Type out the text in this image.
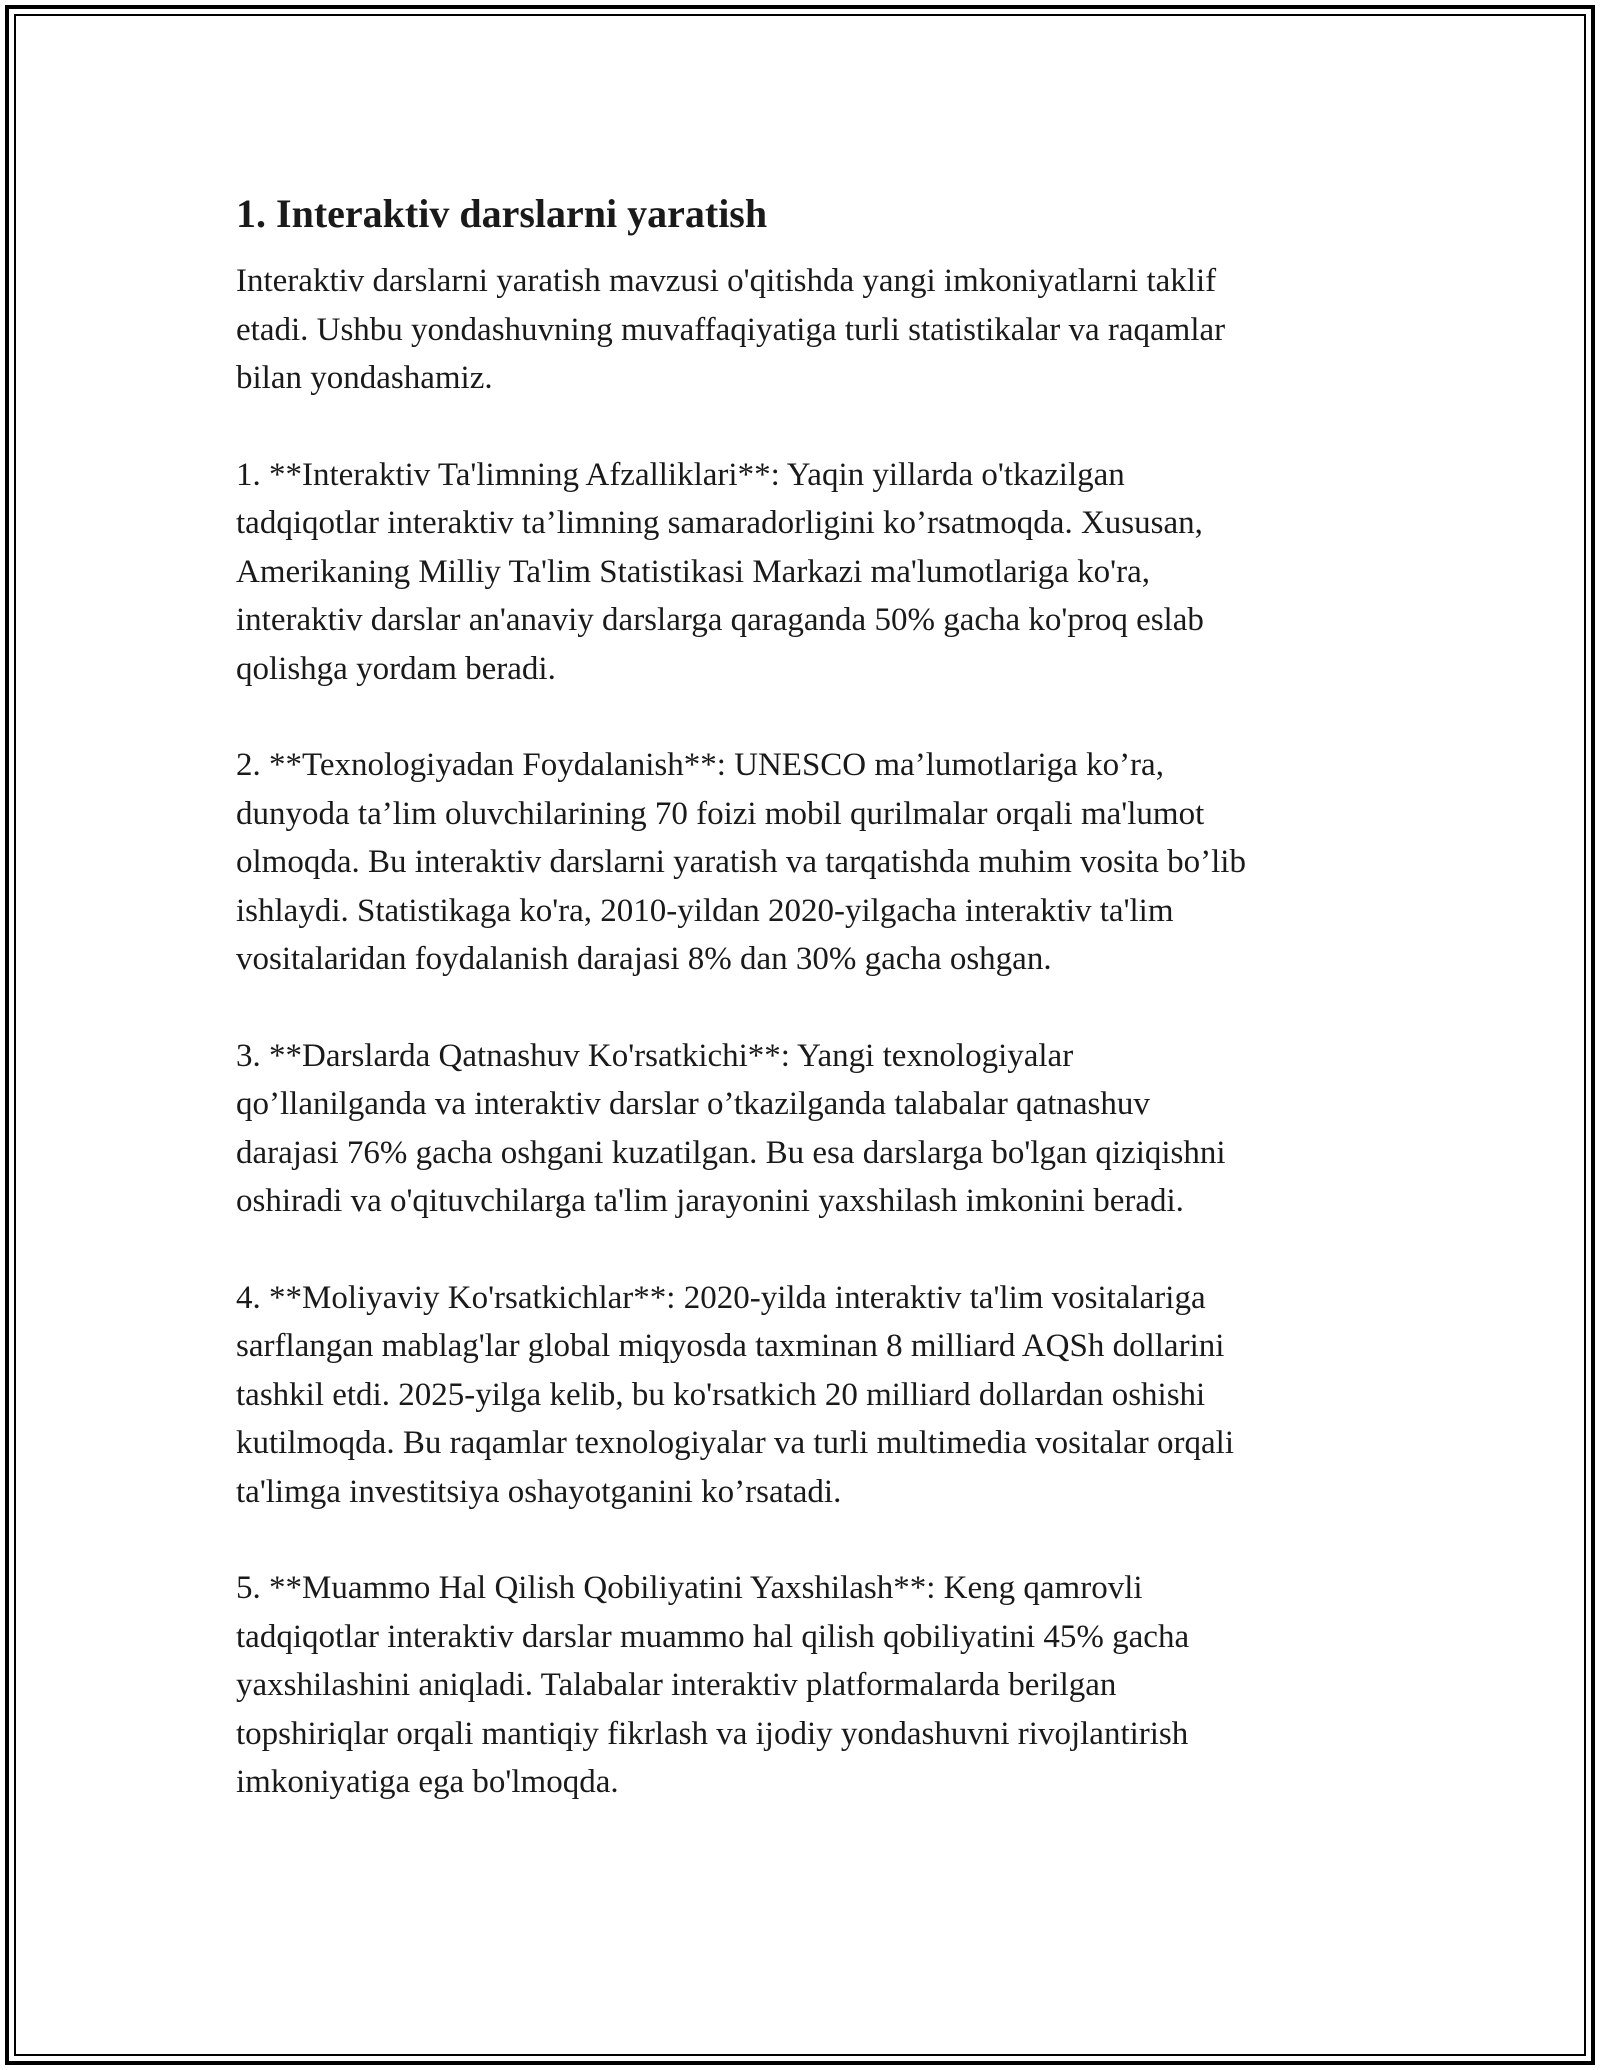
1. Interaktiv darslarni yaratish

Interaktiv darslarni yaratish mavzusi o'qitishda yangi imkoniyatlarni taklif
etadi. Ushbu yondashuvning muvaffaqiyatiga turli statistikalar va raqamlar
bilan yondashamiz.

1. **Interaktiv Ta'limning Afzalliklari**: Yaqin yillarda o'tkazilgan
tadqiqotlar interaktiv ta’limning samaradorligini ko’rsatmoqda. Xususan,
Amerikaning Milliy Ta'lim Statistikasi Markazi ma'lumotlariga ko'ra,
interaktiv darslar an'anaviy darslarga qaraganda 50% gacha ko'proq eslab
qolishga yordam beradi.

2. **Texnologiyadan Foydalanish**: UNESCO ma’lumotlariga ko’ra,
dunyoda ta’lim oluvchilarining 70 foizi mobil qurilmalar orqali ma'lumot
olmoqda. Bu interaktiv darslarni yaratish va tarqatishda muhim vosita bo’lib
ishlaydi. Statistikaga ko'ra, 2010-yildan 2020-yilgacha interaktiv ta'lim
vositalaridan foydalanish darajasi 8% dan 30% gacha oshgan.

3. **Darslarda Qatnashuv Ko'rsatkichi**: Yangi texnologiyalar
qo’llanilganda va interaktiv darslar o’tkazilganda talabalar qatnashuv
darajasi 76% gacha oshgani kuzatilgan. Bu esa darslarga bo'lgan qiziqishni
oshiradi va o'qituvchilarga ta'lim jarayonini yaxshilash imkonini beradi.

4. **Moliyaviy Ko'rsatkichlar**: 2020-yilda interaktiv ta'lim vositalariga
sarflangan mablag'lar global miqyosda taxminan 8 milliard AQSh dollarini
tashkil etdi. 2025-yilga kelib, bu ko'rsatkich 20 milliard dollardan oshishi
kutilmoqda. Bu raqamlar texnologiyalar va turli multimedia vositalar orqali
ta'limga investitsiya oshayotganini ko’rsatadi.

5. **Muammo Hal Qilish Qobiliyatini Yaxshilash**: Keng qamrovli
tadqiqotlar interaktiv darslar muammo hal qilish qobiliyatini 45% gacha
yaxshilashini aniqladi. Talabalar interaktiv platformalarda berilgan
topshiriqlar orqali mantiqiy fikrlash va ijodiy yondashuvni rivojlantirish
imkoniyatiga ega bo'lmoqda.
